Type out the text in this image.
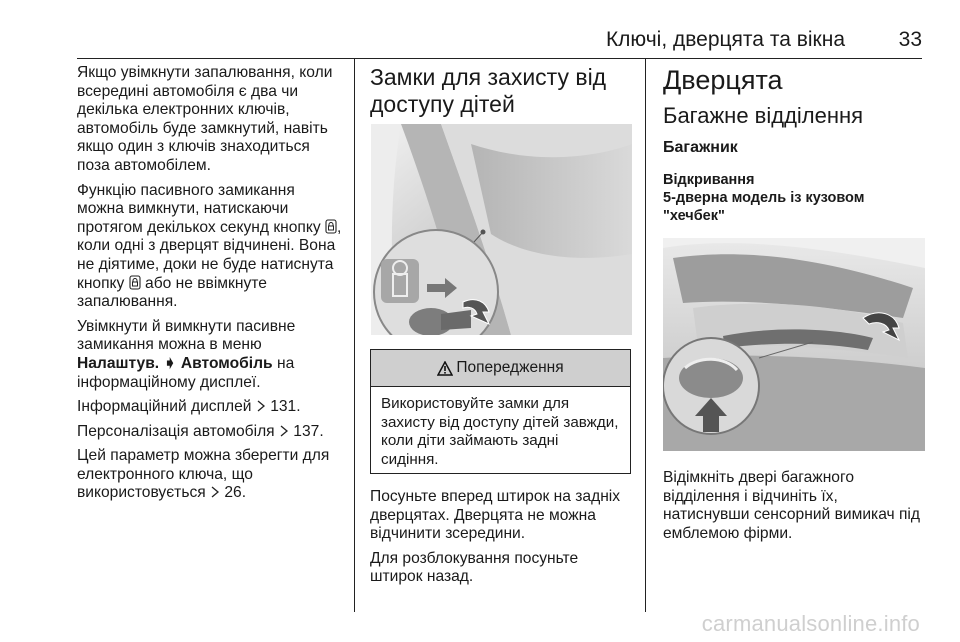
Ключі, дверцята та вікна	33

Якщо увімкнути запалювання, коли всередині автомобіля є два чи декілька електронних ключів, автомобіль буде замкнутий, навіть якщо один з ключів знаходиться поза автомобілем.

Функцію пасивного замикання можна вимкнути, натискаючи протягом декількох секунд кнопку , коли одні з дверцят відчинені. Вона не діятиме, доки не буде натиснута кнопку  або не ввімкнуте запалювання.

Увімкнути й вимкнути пасивне замикання можна в меню Налаштув. ➧ Автомобіль на інформаційному дисплеї.

Інформаційний дисплей  131.

Персоналізація автомобіля  137.

Цей параметр можна зберегти для електронного ключа, що використовується  26.

Замки для захисту від
доступу дітей
Попередження
Використовуйте замки для захисту від доступу дітей завжди, коли діти займають задні сидіння.

Посуньте вперед штирок на задніх дверцятах. Дверцята не можна відчинити зсередини.

Для розблокування посуньте штирок назад.

Дверцята
Багажне відділення
Багажник
Відкривання
5-дверна модель із кузовом
"хечбек"

Відімкніть двері багажного відділення і відчиніть їх, натиснувши сенсорний вимикач під емблемою фірми.

carmanualsonline.info
